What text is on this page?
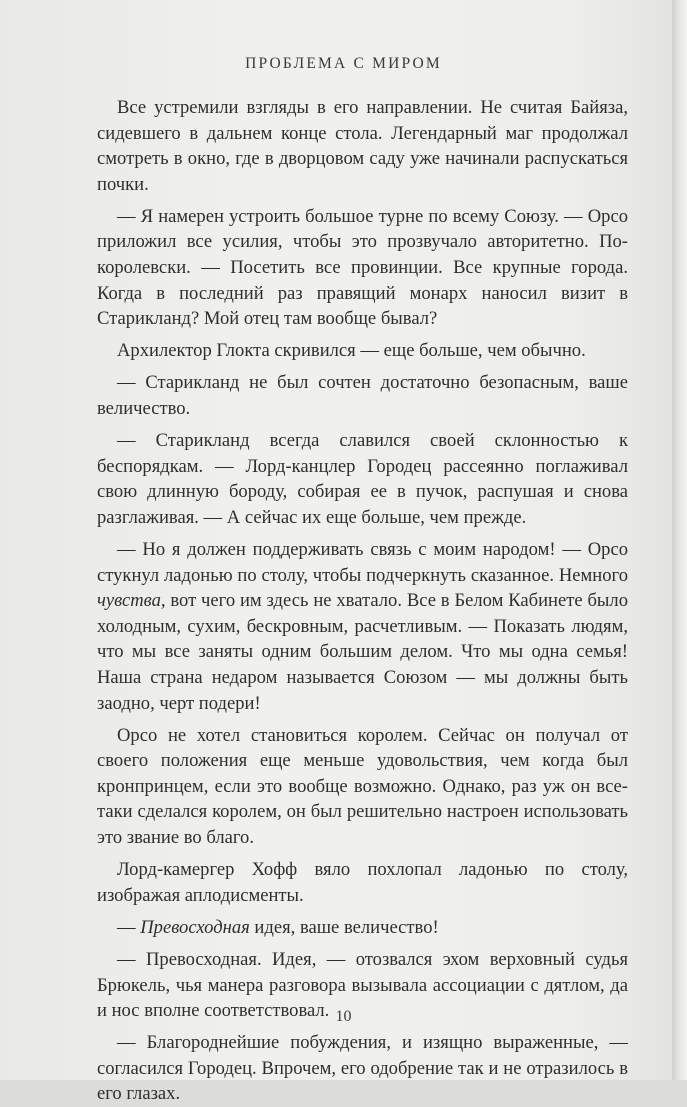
ПРОБЛЕМА С МИРОМ

Все устремили взгляды в его направлении. Не считая Байяза, сидевшего в дальнем конце стола. Легендарный маг продолжал смотреть в окно, где в дворцовом саду уже начинали распускаться почки.

— Я намерен устроить большое турне по всему Союзу. — Орсо приложил все усилия, чтобы это прозвучало авторитетно. По-королевски. — Посетить все провинции. Все крупные города. Когда в последний раз правящий монарх наносил визит в Старикланд? Мой отец там вообще бывал?

Архилектор Глокта скривился — еще больше, чем обычно.

— Старикланд не был сочтен достаточно безопасным, ваше величество.

— Старикланд всегда славился своей склонностью к беспорядкам. — Лорд-канцлер Городец рассеянно поглаживал свою длинную бороду, собирая ее в пучок, распушая и снова разглаживая. — А сейчас их еще больше, чем прежде.

— Но я должен поддерживать связь с моим народом! — Орсо стукнул ладонью по столу, чтобы подчеркнуть сказанное. Немного чувства, вот чего им здесь не хватало. Все в Белом Кабинете было холодным, сухим, бескровным, расчетливым. — Показать людям, что мы все заняты одним большим делом. Что мы одна семья! Наша страна недаром называется Союзом — мы должны быть заодно, черт подери!

Орсо не хотел становиться королем. Сейчас он получал от своего положения еще меньше удовольствия, чем когда был кронпринцем, если это вообще возможно. Однако, раз уж он все-таки сделался королем, он был решительно настроен использовать это звание во благо.

Лорд-камергер Хофф вяло похлопал ладонью по столу, изображая аплодисменты.

— Превосходная идея, ваше величество!

— Превосходная. Идея, — отозвался эхом верховный судья Брюкель, чья манера разговора вызывала ассоциации с дятлом, да и нос вполне соответствовал.

— Благороднейшие побуждения, и изящно выраженные, — согласился Городец. Впрочем, его одобрение так и не отразилось в его глазах.

10
